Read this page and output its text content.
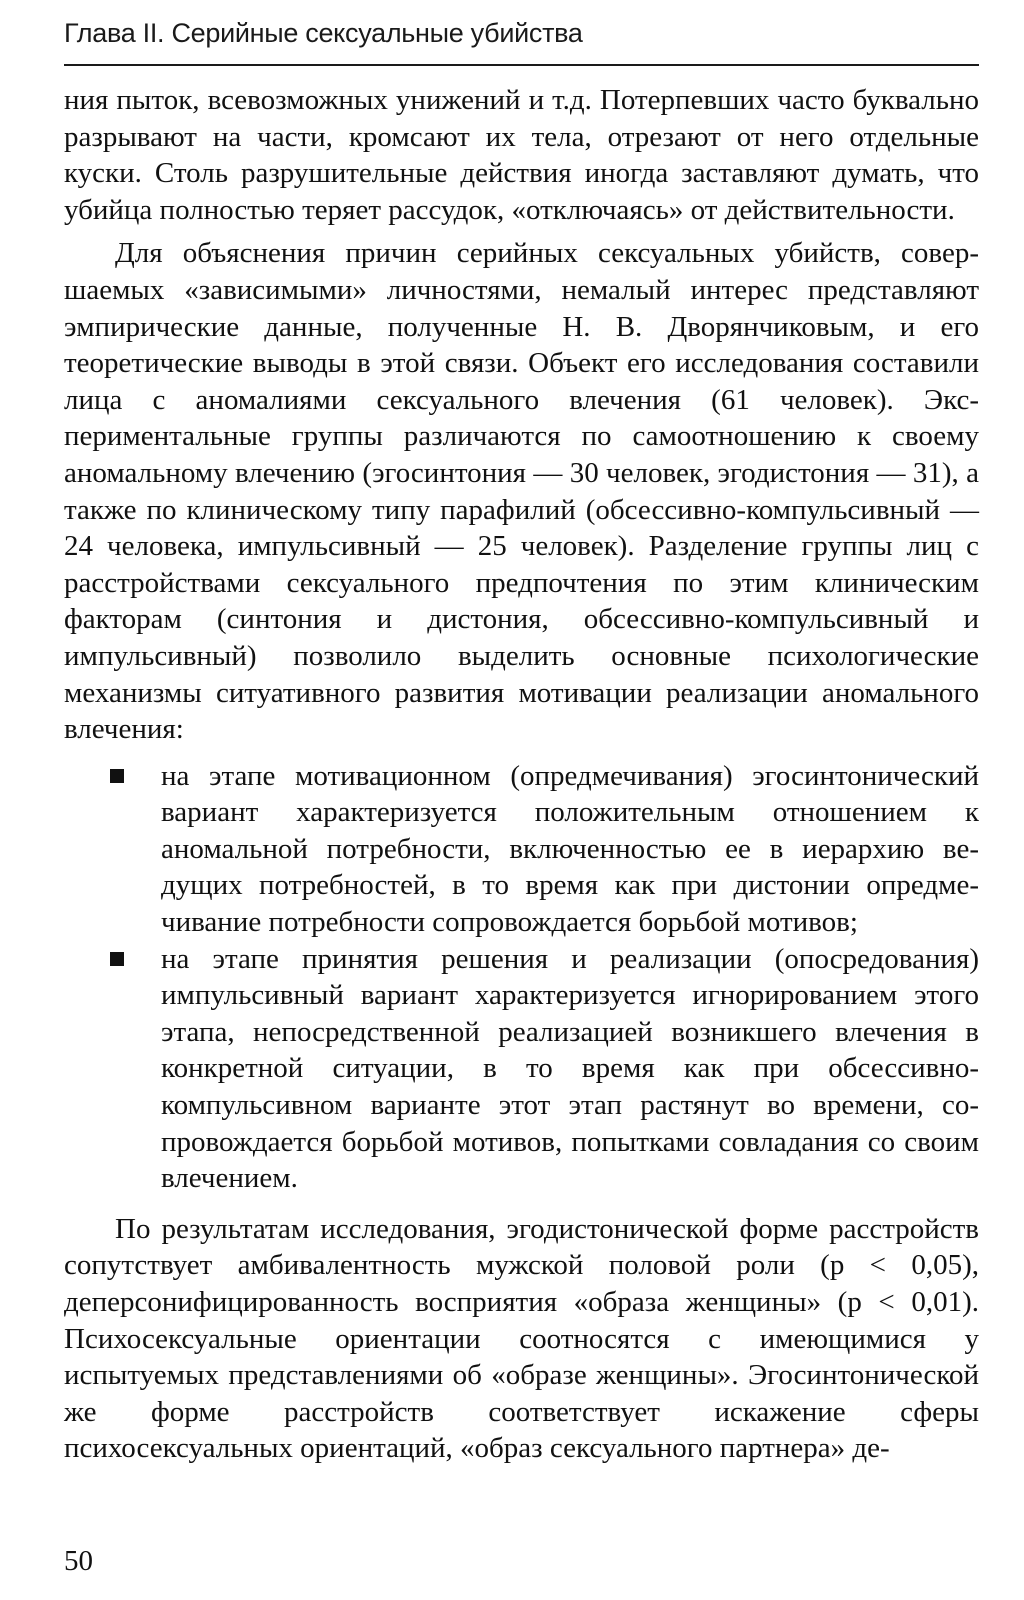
Глава II. Серийные сексуальные убийства

ния пыток, всевозможных унижений и т.д. Потерпевших часто буквально разрывают на части, кромсают их тела, отрезают от него отдельные куски. Столь разрушительные действия иногда заставляют думать, что убийца полностью теряет рассудок, «отключаясь» от действительности.

Для объяснения причин серийных сексуальных убийств, совершаемых «зависимыми» личностями, немалый интерес представляют эмпирические данные, полученные Н. В. Дворянчиковым, и его теоретические выводы в этой связи. Объект его исследования составили лица с аномалиями сексуального влечения (61 человек). Экспериментальные группы различаются по самоотношению к своему аномальному влечению (эгосинтония — 30 человек, эгодистония — 31), а также по клиническому типу парафилий (обсессивно-компульсивный — 24 человека, импульсивный — 25 человек). Разделение группы лиц с расстройствами сексуального предпочтения по этим клиническим факторам (синтония и дистония, обсессивно-компульсивный и импульсивный) позволило выделить основные психологические механизмы ситуативного развития мотивации реализации аномального влечения:

на этапе мотивационном (опредмечивания) эгосинтонический вариант характеризуется положительным отношением к аномальной потребности, включенностью ее в иерархию ведущих потребностей, в то время как при дистонии опредмечивание потребности сопровождается борьбой мотивов;
на этапе принятия решения и реализации (опосредования) импульсивный вариант характеризуется игнорированием этого этапа, непосредственной реализацией возникшего влечения в конкретной ситуации, в то время как при обсессивно-компульсивном варианте этот этап растянут во времени, сопровождается борьбой мотивов, попытками совладания со своим влечением.

По результатам исследования, эгодистонической форме расстройств сопутствует амбивалентность мужской половой роли (p < 0,05), деперсонифицированность восприятия «образа женщины» (p < 0,01). Психосексуальные ориентации соотносятся с имеющимися у испытуемых представлениями об «образе женщины». Эгосинтонической же форме расстройств соответствует искажение сферы психосексуальных ориентаций, «образ сексуального партнера» де-

50
